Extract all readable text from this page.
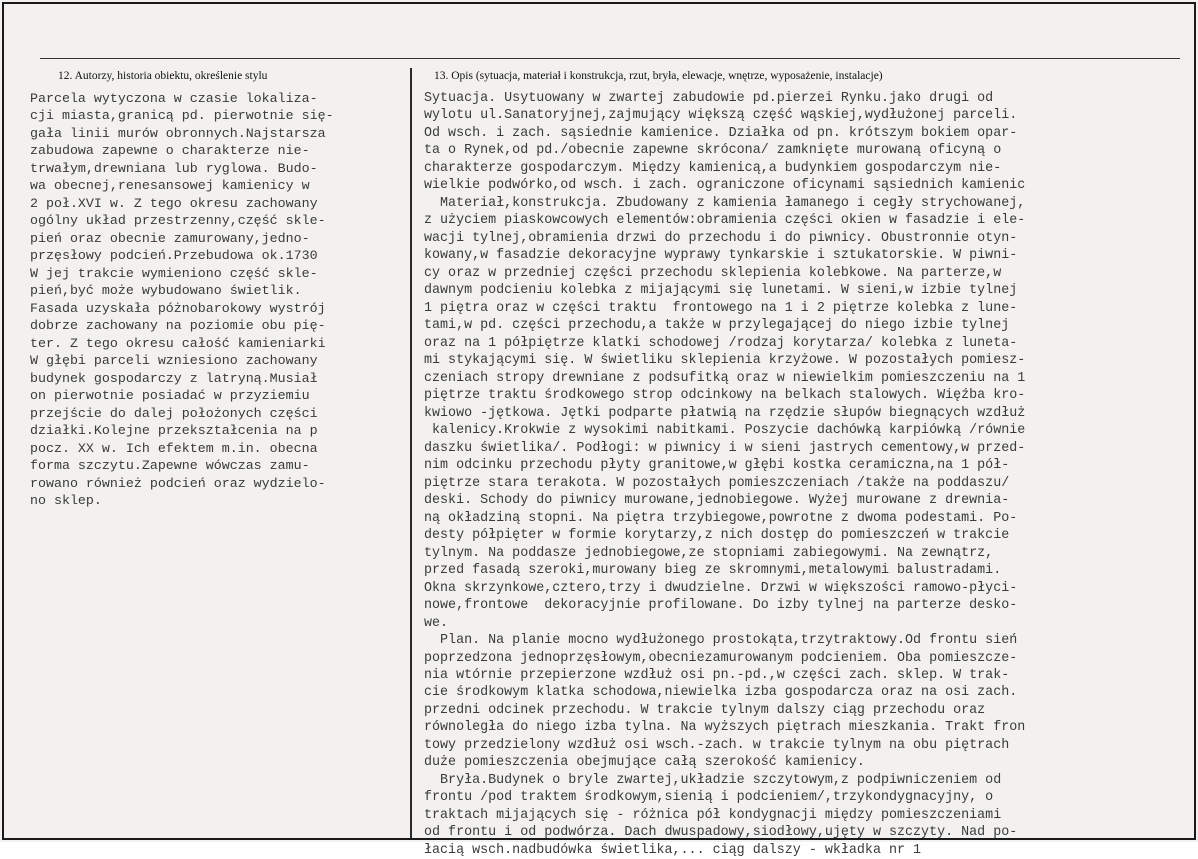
12. Autorzy, historia obiektu, określenie stylu	13. Opis (sytuacja, materiał i konstrukcja, rzut, bryła, elewacje, wnętrze, wyposażenie, instalacje)
Parcela wytyczona w czasie lokaliza-
cji miasta,granicą pd. pierwotnie się-
gała linii murów obronnych.Najstarsza
zabudowa zapewne o charakterze nie-
trwałym,drewniana lub ryglowa. Budo-
wa obecnej,renesansowej kamienicy w
2 poł.XVI w. Z tego okresu zachowany
ogólny układ przestrzenny,część skle-
pień oraz obecnie zamurowany,jedno-
przęsłowy podcień.Przebudowa ok.1730
W jej trakcie wymieniono część skle-
pień,być może wybudowano świetlik.
Fasada uzyskała póżnobarokowy wystrój
dobrze zachowany na poziomie obu pię-
ter. Z tego okresu całość kamieniarki
W głębi parceli wzniesiono zachowany
budynek gospodarczy z latryną.Musiał
on pierwotnie posiadać w przyziemiu
przejście do dalej położonych części
działki.Kolejne przekształcenia na p
pocz. XX w. Ich efektem m.in. obecna
forma szczytu.Zapewne wówczas zamu-
rowano również podcień oraz wydzielo-
no sklep.
Sytuacja. Usytuowany w zwartej zabudowie pd.pierzei Rynku.jako drugi od
wylotu ul.Sanatoryjnej,zajmujący większą część wąskiej,wydłużonej parceli.
Od wsch. i zach. sąsiednie kamienice. Działka od pn. krótszym bokiem opar-
ta o Rynek,od pd./obecnie zapewne skrócona/ zamknięte murowaną oficyną o
charakterze gospodarczym. Między kamienicą,a budynkiem gospodarczym nie-
wielkie podwórko,od wsch. i zach. ograniczone oficynami sąsiednich kamienic
Materiał,konstrukcja. Zbudowany z kamienia łamanego i cegły strychowanej,
z użyciem piaskowcowych elementów:obramienia części okien w fasadzie i ele-
wacji tylnej,obramienia drzwi do przechodu i do piwnicy. Obustronnie otyn-
kowany,w fasadzie dekoracyjne wyprawy tynkarskie i sztukatorskie. W piwni-
cy oraz w przedniej części przechodu sklepienia kolebkowe. Na parterze,w
dawnym podcieniu kolebka z mijającymi się lunetami. W sieni,w izbie tylnej
1 piętra oraz w części traktu  frontowego na 1 i 2 piętrze kolebka z lune-
tami,w pd. części przechodu,a także w przylegającej do niego izbie tylnej
oraz na 1 półpiętrze klatki schodowej /rodzaj korytarza/ kolebka z luneta-
mi stykającymi się. W świetliku sklepienia krzyżowe. W pozostałych pomiesz-
czeniach stropy drewniane z podsufitką oraz w niewielkim pomieszczeniu na 1
piętrze traktu środkowego strop odcinkowy na belkach stalowych. Więźba kro-
kwiowo -jętkowa. Jętki podparte płatwią na rzędzie słupów biegnących wzdłuż
kalenicy.Krokwie z wysokimi nabitkami. Poszycie dachówką karpiówką /równie
daszku świetlika/. Podłogi: w piwnicy i w sieni jastrych cementowy,w przed-
nim odcinku przechodu płyty granitowe,w głębi kostka ceramiczna,na 1 pół-
piętrze stara terakota. W pozostałych pomieszczeniach /także na poddaszu/
deski. Schody do piwnicy murowane,jednobiegowe. Wyżej murowane z drewnia-
ną okładziną stopni. Na piętra trzybiegowe,powrotne z dwoma podestami. Po-
desty półpięter w formie korytarzy,z nich dostęp do pomieszczeń w trakcie
tylnym. Na poddasze jednobiegowe,ze stopniami zabiegowymi. Na zewnątrz,
przed fasadą szeroki,murowany bieg ze skromnymi,metalowymi balustradami.
Okna skrzynkowe,cztero,trzy i dwudzielne. Drzwi w większości ramowo-płyci-
nowe,frontowe  dekoracyjnie profilowane. Do izby tylnej na parterze desko-
we.
Plan. Na planie mocno wydłużonego prostokąta,trzytraktowy.Od frontu sień
poprzedzona jednoprzęsłowym,obecniezamurowanym podcieniem. Oba pomieszcze-
nia wtórnie przepierzone wzdłuż osi pn.-pd.,w części zach. sklep. W trak-
cie środkowym klatka schodowa,niewielka izba gospodarcza oraz na osi zach.
przedni odcinek przechodu. W trakcie tylnym dalszy ciąg przechodu oraz
równoległa do niego izba tylna. Na wyższych piętrach mieszkania. Trakt fron
towy przedzielony wzdłuż osi wsch.-zach. w trakcie tylnym na obu piętrach
duże pomieszczenia obejmujące całą szerokość kamienicy.
Bryła.Budynek o bryle zwartej,układzie szczytowym,z podpiwniczeniem od
frontu /pod traktem środkowym,sienią i podcieniem/,trzykondygnacyjny, o
traktach mijających się - różnica pół kondygnacji między pomieszczeniami
od frontu i od podwórza. Dach dwuspadowy,siodłowy,ujęty w szczyty. Nad po-
łacią wsch.nadbudówka świetlika,... ciąg dalszy - wkładka nr 1
